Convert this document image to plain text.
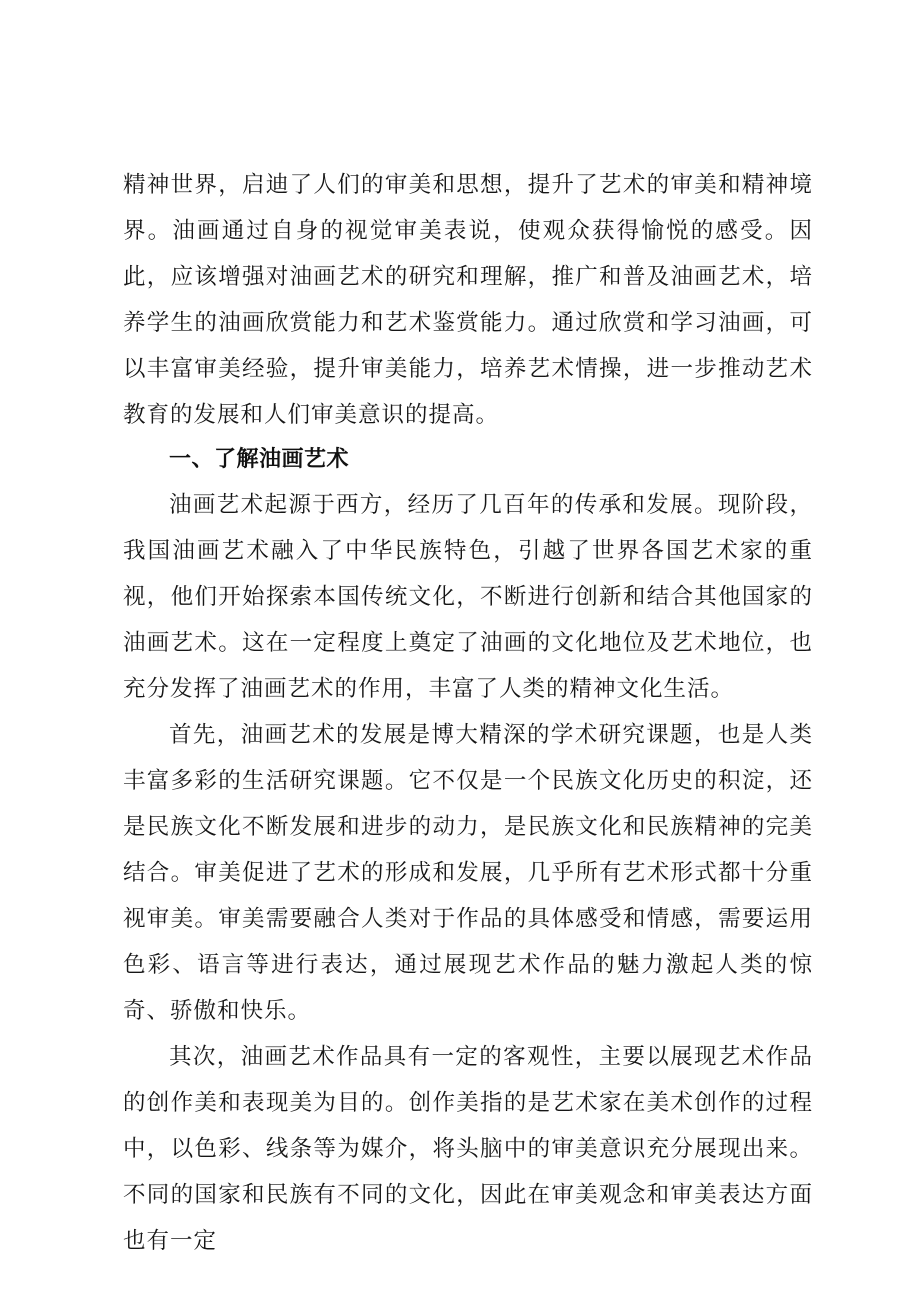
精神世界，启迪了人们的审美和思想，提升了艺术的审美和精神境界。油画通过自身的视觉审美表说，使观众获得愉悦的感受。因此，应该增强对油画艺术的研究和理解，推广和普及油画艺术，培养学生的油画欣赏能力和艺术鉴赏能力。通过欣赏和学习油画，可以丰富审美经验，提升审美能力，培养艺术情操，进一步推动艺术教育的发展和人们审美意识的提高。

一、了解油画艺术

油画艺术起源于西方，经历了几百年的传承和发展。现阶段，我国油画艺术融入了中华民族特色，引越了世界各国艺术家的重视，他们开始探索本国传统文化，不断进行创新和结合其他国家的油画艺术。这在一定程度上奠定了油画的文化地位及艺术地位，也充分发挥了油画艺术的作用，丰富了人类的精神文化生活。

首先，油画艺术的发展是博大精深的学术研究课题，也是人类丰富多彩的生活研究课题。它不仅是一个民族文化历史的积淀，还是民族文化不断发展和进步的动力，是民族文化和民族精神的完美结合。审美促进了艺术的形成和发展，几乎所有艺术形式都十分重视审美。审美需要融合人类对于作品的具体感受和情感，需要运用色彩、语言等进行表达，通过展现艺术作品的魅力激起人类的惊奇、骄傲和快乐。

其次，油画艺术作品具有一定的客观性，主要以展现艺术作品的创作美和表现美为目的。创作美指的是艺术家在美术创作的过程中，以色彩、线条等为媒介，将头脑中的审美意识充分展现出来。不同的国家和民族有不同的文化，因此在审美观念和审美表达方面也有一定
